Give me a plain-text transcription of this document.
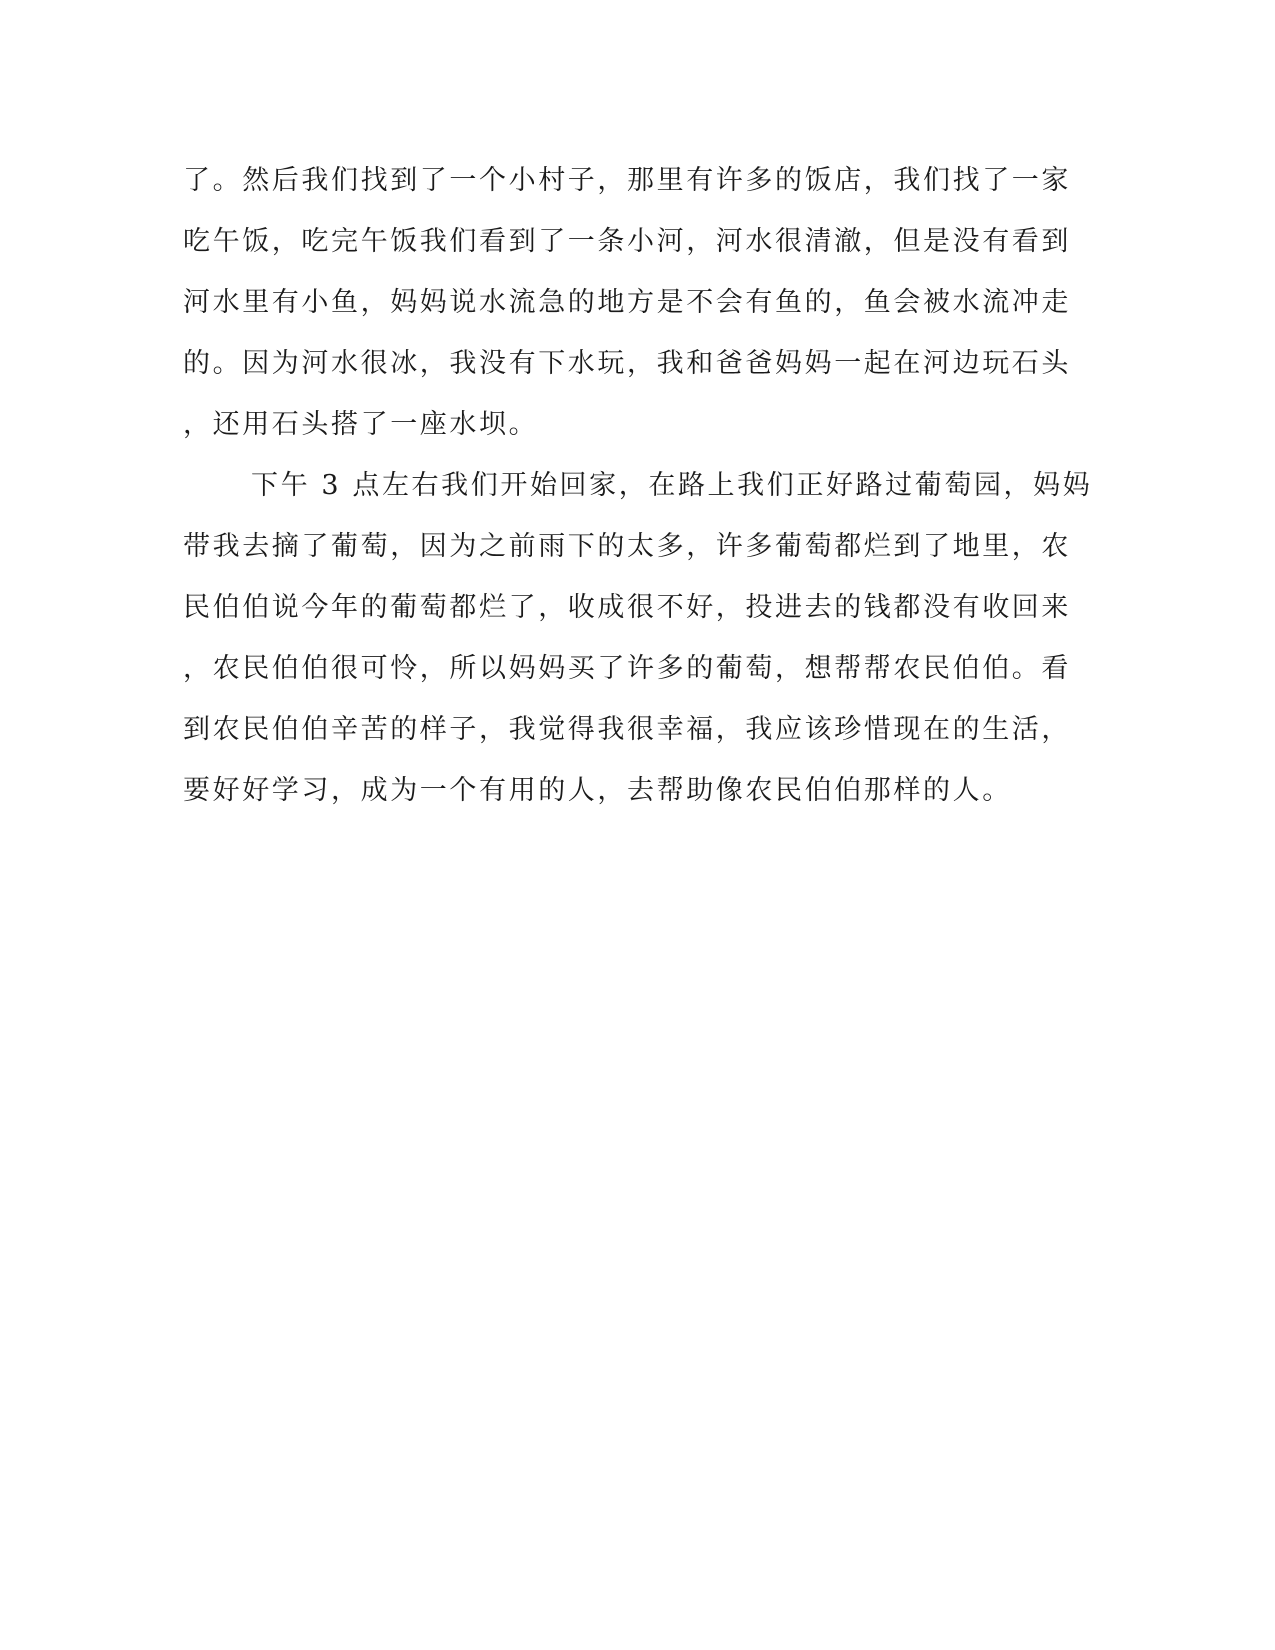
了。然后我们找到了一个小村子，那里有许多的饭店，我们找了一家
吃午饭，吃完午饭我们看到了一条小河，河水很清澈，但是没有看到
河水里有小鱼，妈妈说水流急的地方是不会有鱼的，鱼会被水流冲走
的。因为河水很冰，我没有下水玩，我和爸爸妈妈一起在河边玩石头
，还用石头搭了一座水坝。
下午 3 点左右我们开始回家，在路上我们正好路过葡萄园，妈妈
带我去摘了葡萄，因为之前雨下的太多，许多葡萄都烂到了地里，农
民伯伯说今年的葡萄都烂了，收成很不好，投进去的钱都没有收回来
，农民伯伯很可怜，所以妈妈买了许多的葡萄，想帮帮农民伯伯。看
到农民伯伯辛苦的样子，我觉得我很幸福，我应该珍惜现在的生活，
要好好学习，成为一个有用的人，去帮助像农民伯伯那样的人。
